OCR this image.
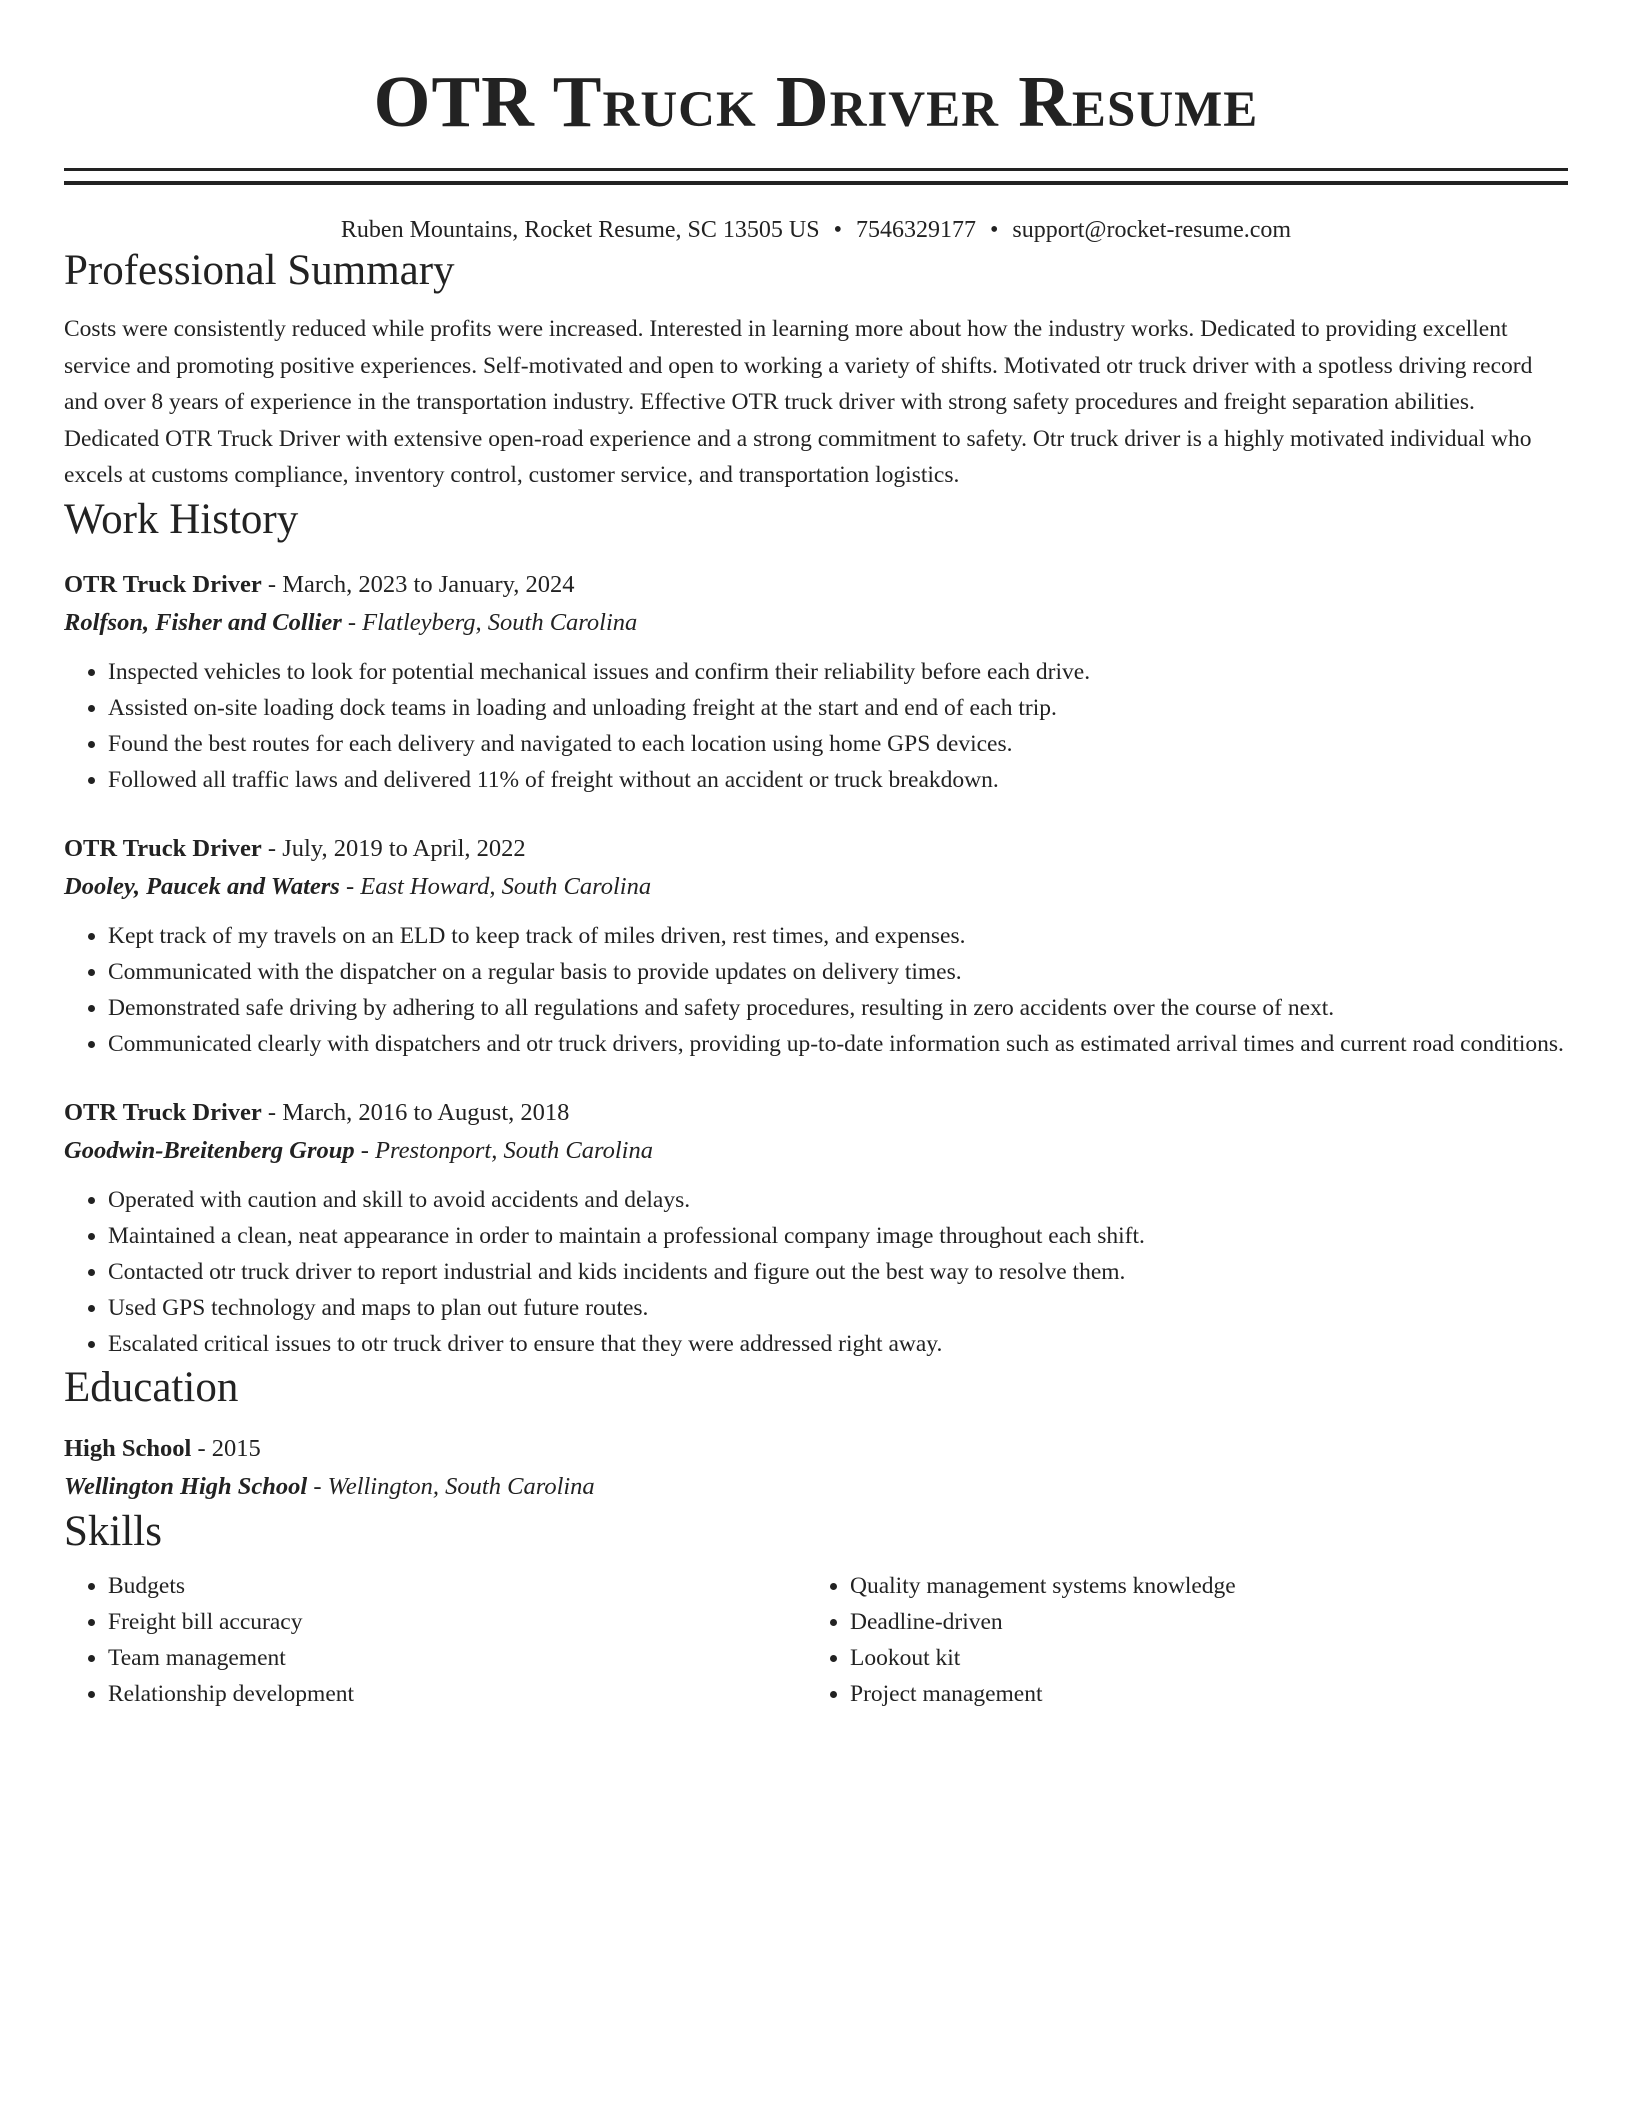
OTR Truck Driver Resume
Ruben Mountains, Rocket Resume, SC 13505 US • 7546329177 • support@rocket-resume.com
Professional Summary

Costs were consistently reduced while profits were increased. Interested in learning more about how the industry works. Dedicated to providing excellent service and promoting positive experiences. Self-motivated and open to working a variety of shifts. Motivated otr truck driver with a spotless driving record and over 8 years of experience in the transportation industry. Effective OTR truck driver with strong safety procedures and freight separation abilities. Dedicated OTR Truck Driver with extensive open-road experience and a strong commitment to safety. Otr truck driver is a highly motivated individual who excels at customs compliance, inventory control, customer service, and transportation logistics.

Work History
OTR Truck Driver - March, 2023 to January, 2024
Rolfson, Fisher and Collier - Flatleyberg, South Carolina
• Inspected vehicles to look for potential mechanical issues and confirm their reliability before each drive.
• Assisted on-site loading dock teams in loading and unloading freight at the start and end of each trip.
• Found the best routes for each delivery and navigated to each location using home GPS devices.
• Followed all traffic laws and delivered 11% of freight without an accident or truck breakdown.
OTR Truck Driver - July, 2019 to April, 2022
Dooley, Paucek and Waters - East Howard, South Carolina
• Kept track of my travels on an ELD to keep track of miles driven, rest times, and expenses.
• Communicated with the dispatcher on a regular basis to provide updates on delivery times.
• Demonstrated safe driving by adhering to all regulations and safety procedures, resulting in zero accidents over the course of next.
• Communicated clearly with dispatchers and otr truck drivers, providing up-to-date information such as estimated arrival times and current road conditions.
OTR Truck Driver - March, 2016 to August, 2018
Goodwin-Breitenberg Group - Prestonport, South Carolina
• Operated with caution and skill to avoid accidents and delays.
• Maintained a clean, neat appearance in order to maintain a professional company image throughout each shift.
• Contacted otr truck driver to report industrial and kids incidents and figure out the best way to resolve them.
• Used GPS technology and maps to plan out future routes.
• Escalated critical issues to otr truck driver to ensure that they were addressed right away.
Education
High School - 2015
Wellington High School - Wellington, South Carolina
Skills
• Budgets
• Freight bill accuracy
• Team management
• Relationship development
• Quality management systems knowledge
• Deadline-driven
• Lookout kit
• Project management
